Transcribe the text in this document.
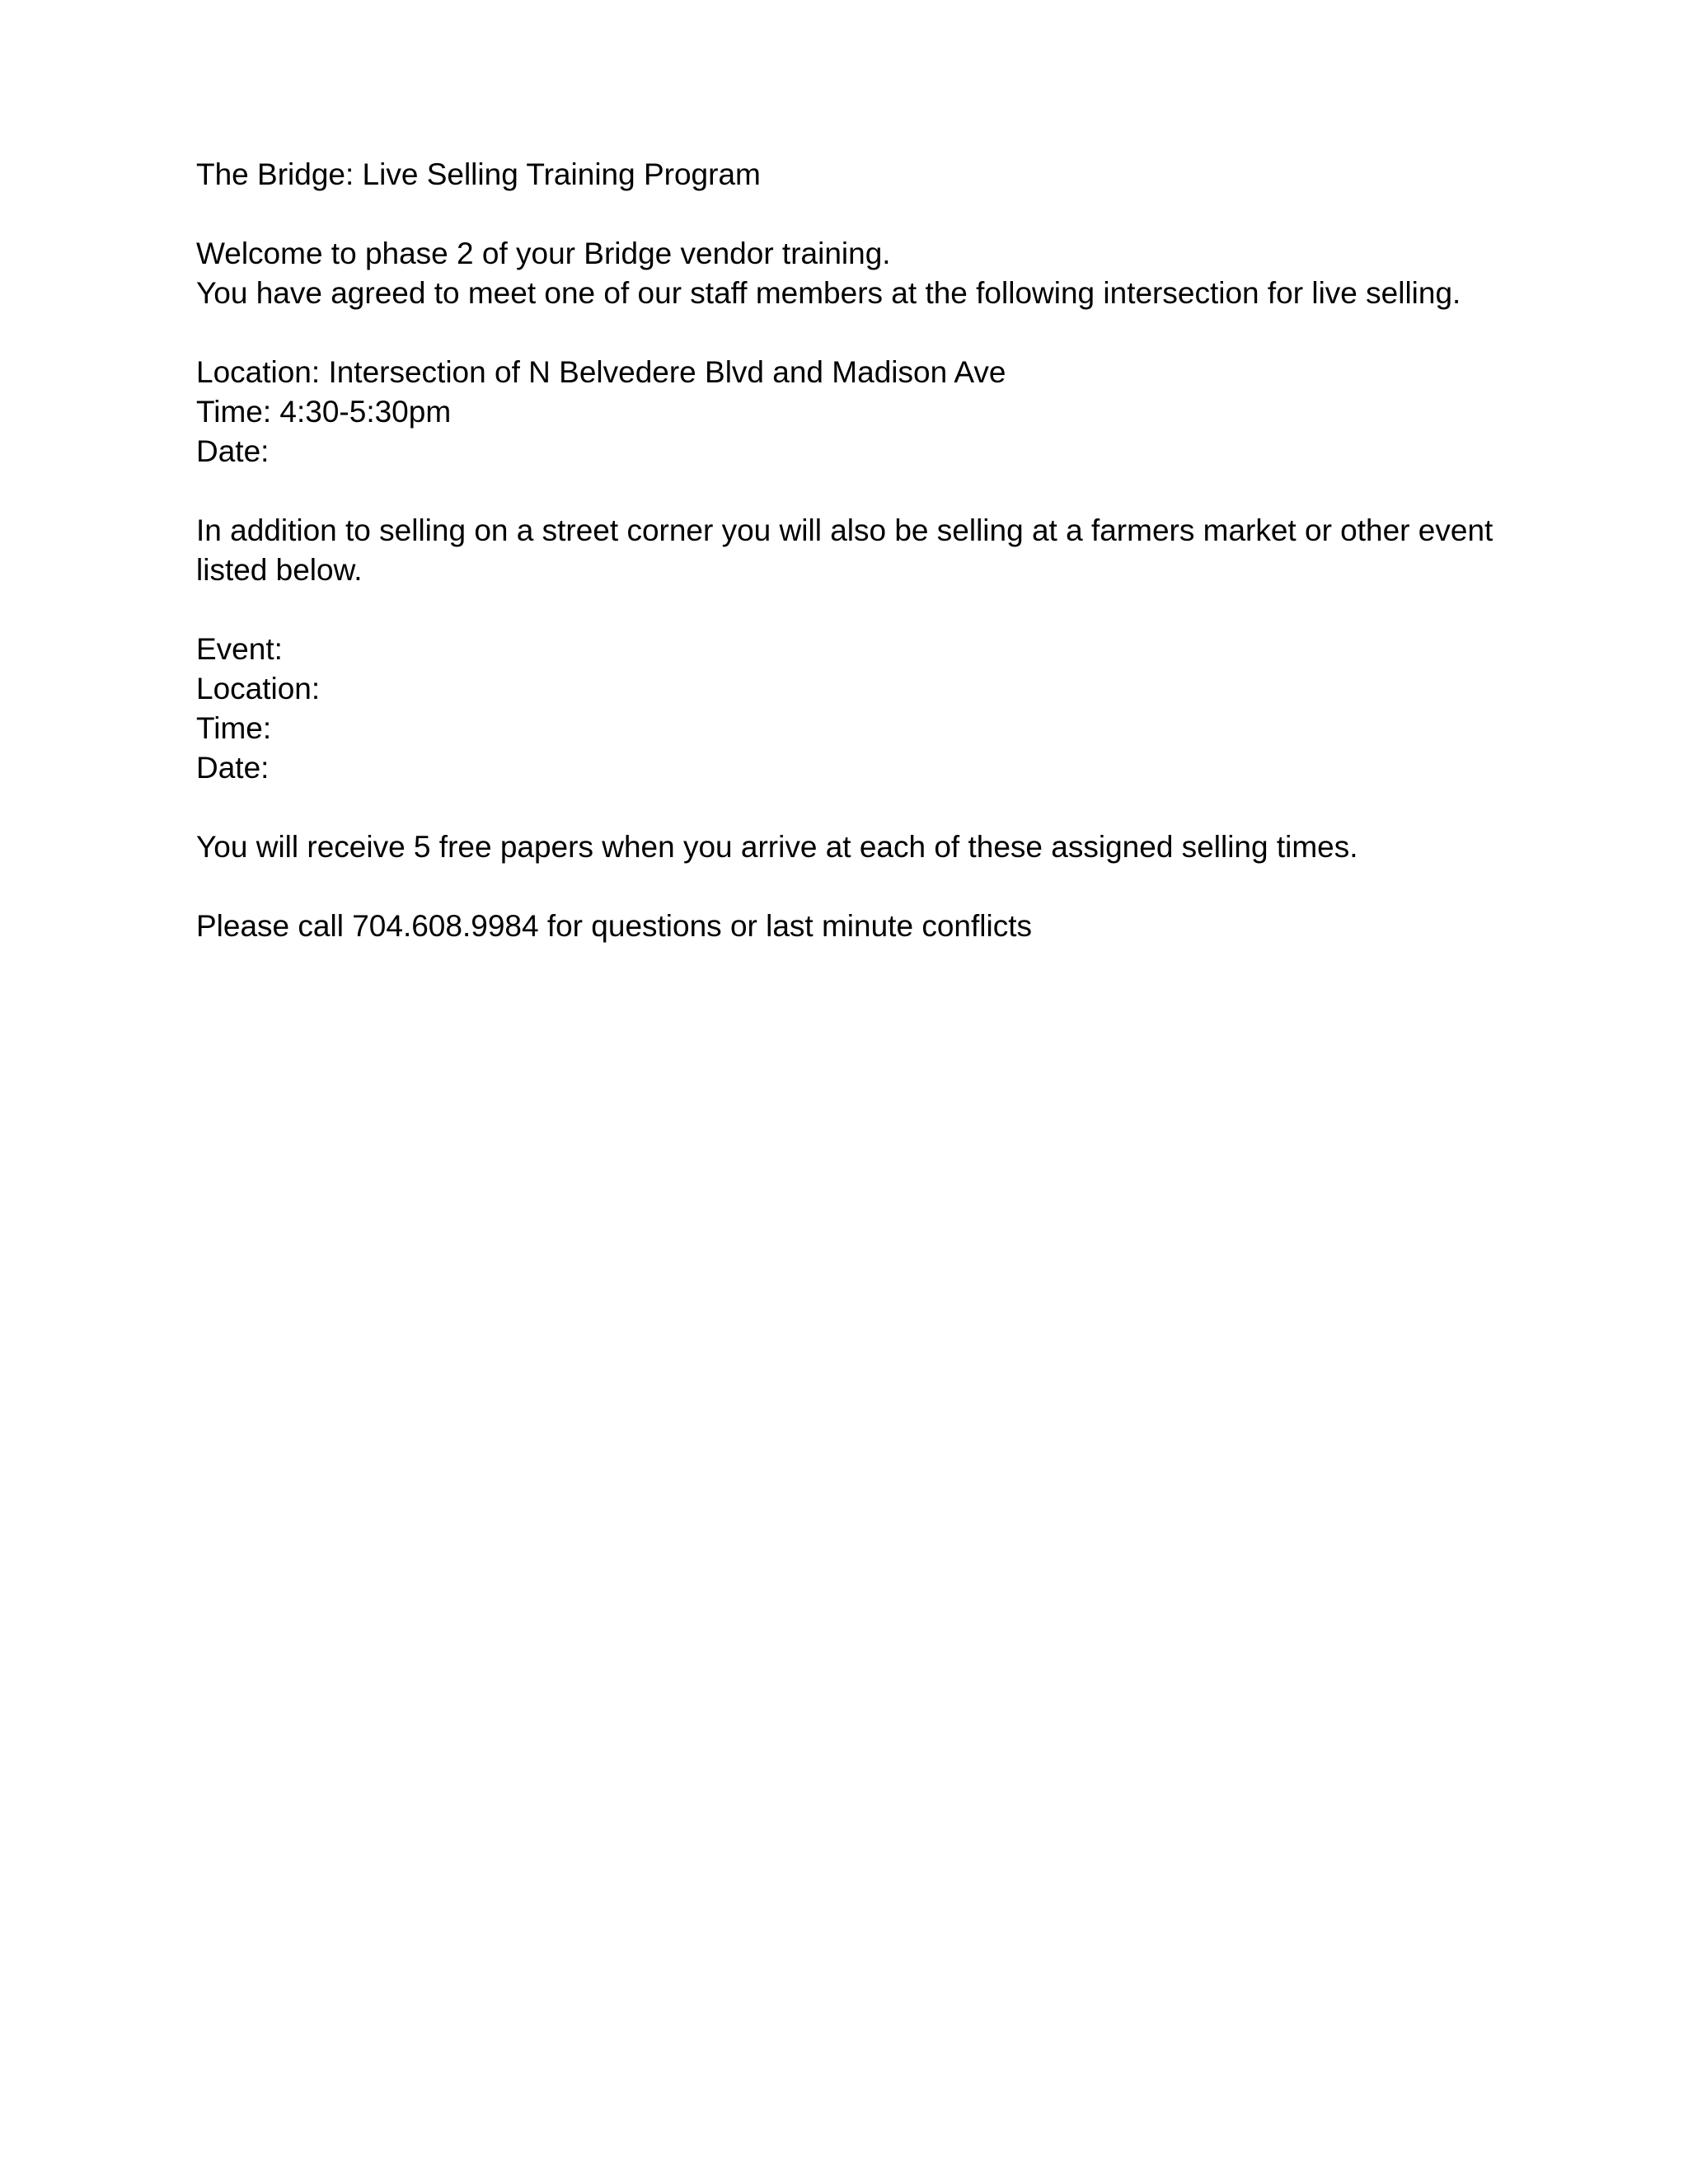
The Bridge: Live Selling Training Program
Welcome to phase 2 of your Bridge vendor training.
You have agreed to meet one of our staff members at the following intersection for live selling.
Location: Intersection of N Belvedere Blvd and Madison Ave
Time: 4:30-5:30pm
Date:
In addition to selling on a street corner you will also be selling at a farmers market or other event listed below.
Event:
Location:
Time:
Date:
You will receive 5 free papers when you arrive at each of these assigned selling times.
Please call 704.608.9984 for questions or last minute conflicts
